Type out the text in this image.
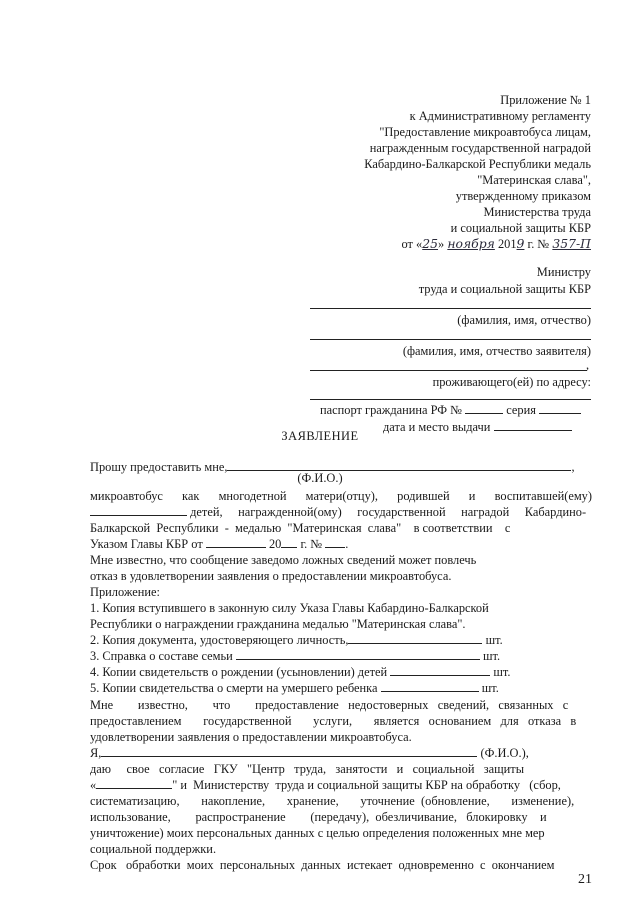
Приложение № 1
к Административному регламенту
"Предоставление микроавтобуса лицам,
награжденным государственной наградой
Кабардино-Балкарской Республики медаль
"Материнская слава",
утвержденному приказом
Министерства труда
и социальной защиты КБР
от «25» ноября 2019 г. № 357-П
Министру
труда и социальной защиты КБР
(фамилия, имя, отчество)
(фамилия, имя, отчество заявителя)
,
проживающего(ей) по адресу:
паспорт гражданина РФ №	серия
дата и место выдачи
ЗАЯВЛЕНИЕ
Прошу предоставить мне,	,
(Ф.И.О.)
микроавтобус как многодетной матери(отцу), родившей и воспитавшей(ему)
детей, награжденной(ому) государственной наградой Кабардино-
Балкарской  Республики  -  медалью  "Материнская  слава"    в соответствии    с
Указом Главы КБР от	20 г. № .
Мне известно, что сообщение заведомо ложных сведений может повлечь
отказ в удовлетворении заявления о предоставлении микроавтобуса.
Приложение:
1. Копия вступившего в законную силу Указа Главы Кабардино-Балкарской
Республики о награждении гражданина медалью "Материнская слава".
2. Копия документа, удостоверяющего личность,	шт.
3. Справка о составе семьи	шт.
4. Копии свидетельств о рождении (усыновлении) детей	шт.
5. Копии свидетельства о смерти на умершего ребенка	шт.
Мне        известно,        что        предоставление   недостоверных   сведений,   связанных   с
предоставлением       государственной       услуги,       является   основанием   для   отказа   в
удовлетворении заявления о предоставлении микроавтобуса.
Я,	(Ф.И.О.),
даю     свое   согласие   ГКУ   "Центр   труда,   занятости   и   социальной   защиты
«	" и  Министерству  труда и социальной защиты КБР на обработку   (сбор,
систематизацию,       накопление,       хранение,       уточнение  (обновление,       изменение),
использование,        распространение        (передачу),  обезличивание,   блокировку    и
уничтожение) моих персональных данных с целью определения положенных мне мер
социальной поддержки.
Срок   обработки  моих  персональных  данных  истекает  одновременно  с  окончанием
21
